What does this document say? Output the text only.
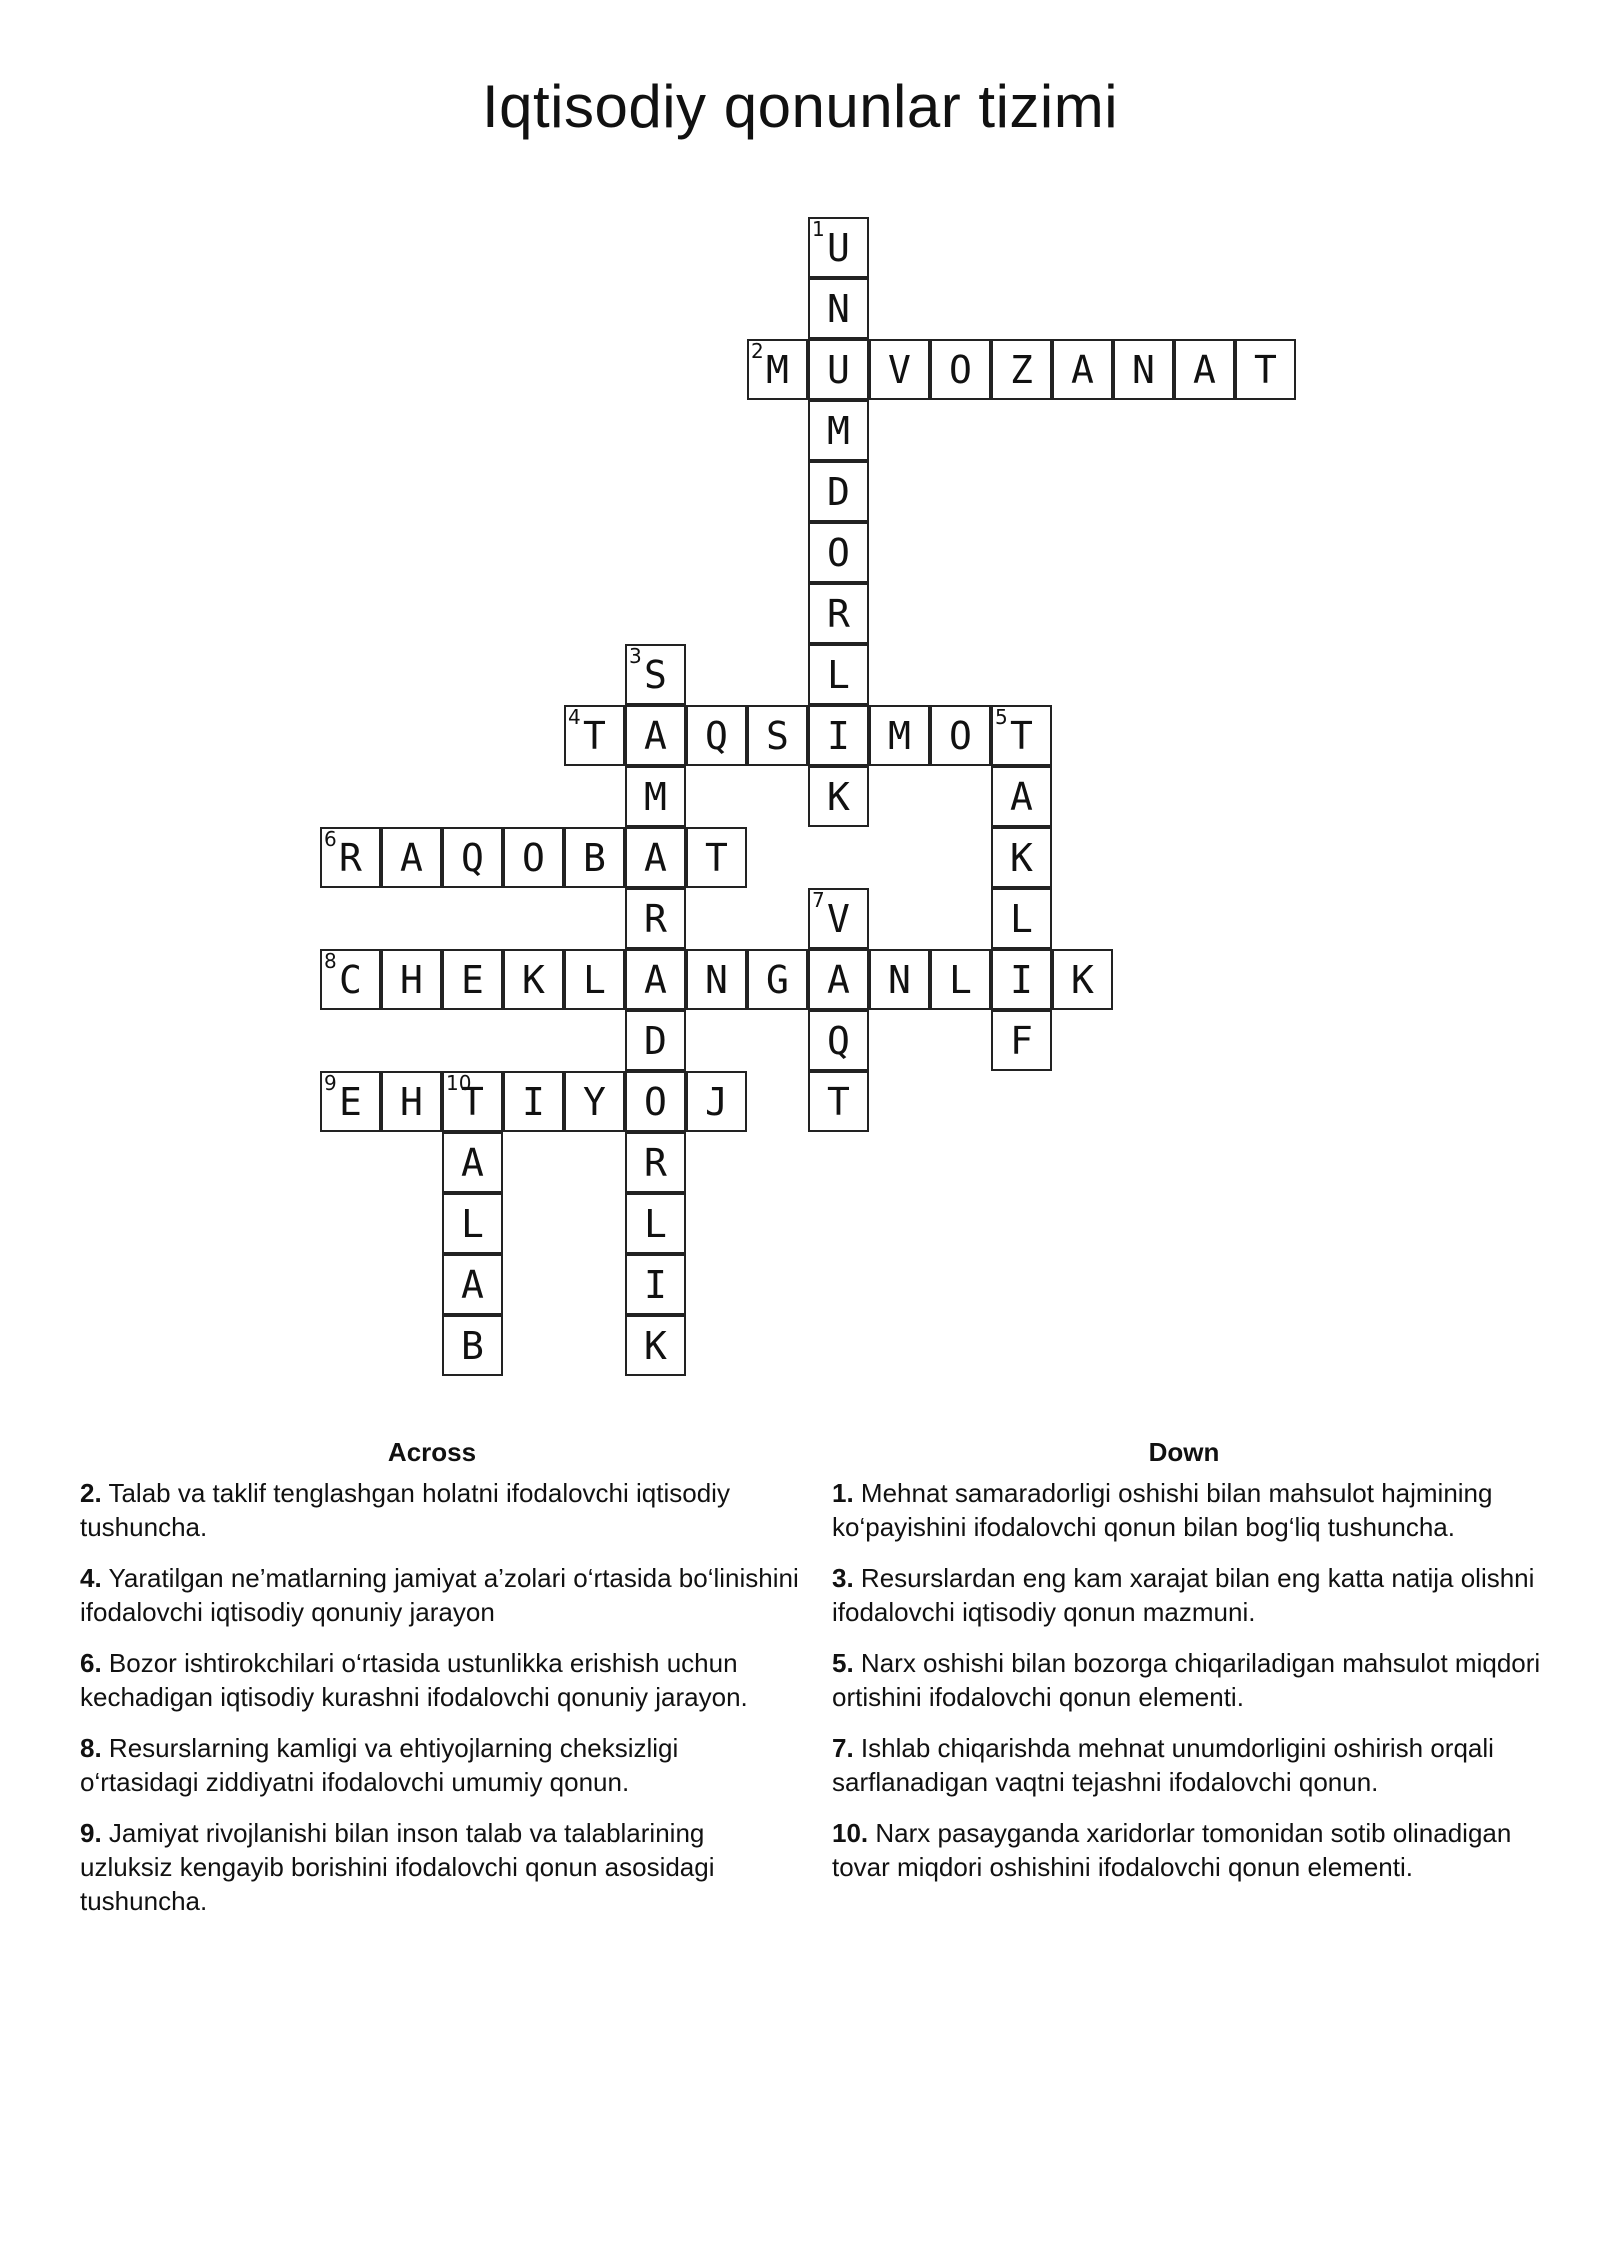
Iqtisodiy qonunlar tizimi
1 U
N
2 M	U	V	O	Z	A	N	A	T
M
D
O
R
3 S	L
4 T	A	Q	S	I	M	O	5 T
M	K	A
6 R	A	Q	O	B	A	T	K
R	7 V	L
8 C	H	E	K	L	A	N	G	A	N	L	I	K
D	Q	F
9 E	H	10
T	I	Y	O	J	T
A	R
L	L
A	I
B	K
Across	Down
2. Talab va taklif tenglashgan holatni ifodalovchi iqtisodiy tushuncha.
4. Yaratilgan ne’matlarning jamiyat a’zolari o‘rtasida bo‘linishini ifodalovchi iqtisodiy qonuniy jarayon
6. Bozor ishtirokchilari o‘rtasida ustunlikka erishish uchun kechadigan iqtisodiy kurashni ifodalovchi qonuniy jarayon.
8. Resurslarning kamligi va ehtiyojlarning cheksizligi o‘rtasidagi ziddiyatni ifodalovchi umumiy qonun.
9. Jamiyat rivojlanishi bilan inson talab va talablarining uzluksiz kengayib borishini ifodalovchi qonun asosidagi tushuncha.
1. Mehnat samaradorligi oshishi bilan mahsulot hajmining ko‘payishini ifodalovchi qonun bilan bog‘liq tushuncha.
3. Resurslardan eng kam xarajat bilan eng katta natija olishni ifodalovchi iqtisodiy qonun mazmuni.
5. Narx oshishi bilan bozorga chiqariladigan mahsulot miqdori ortishini ifodalovchi qonun elementi.
7. Ishlab chiqarishda mehnat unumdorligini oshirish orqali sarflanadigan vaqtni tejashni ifodalovchi qonun.
10. Narx pasayganda xaridorlar tomonidan sotib olinadigan tovar miqdori oshishini ifodalovchi qonun elementi.
